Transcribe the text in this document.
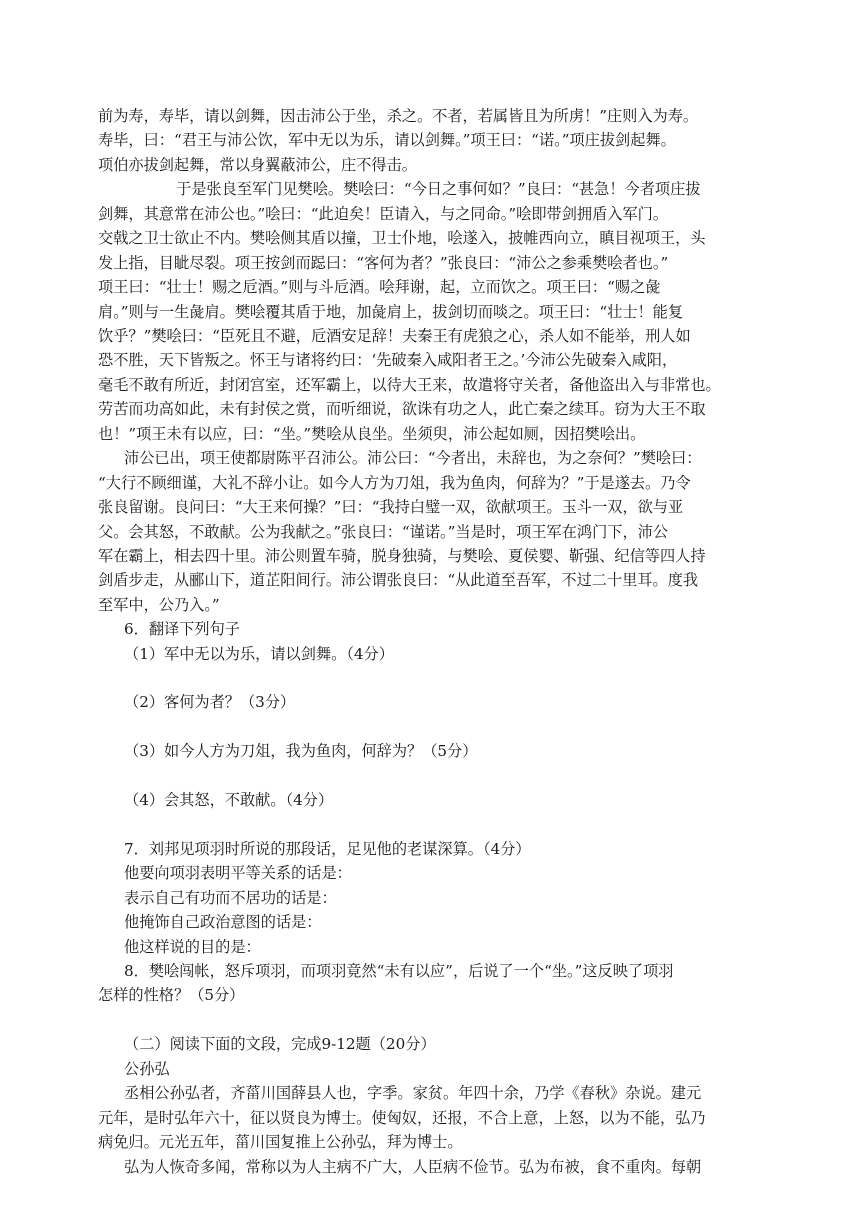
前为寿，寿毕，请以剑舞，因击沛公于坐，杀之。不者，若属皆且为所虏！”庄则入为寿。
寿毕，曰：“君王与沛公饮，军中无以为乐，请以剑舞。”项王曰：“诺。”项庄拔剑起舞。
项伯亦拔剑起舞，常以身翼蔽沛公，庄不得击。
于是张良至军门见樊哙。樊哙曰：“今日之事何如？”良曰：“甚急！今者项庄拔
剑舞，其意常在沛公也。”哙曰：“此迫矣！臣请入，与之同命。”哙即带剑拥盾入军门。
交戟之卫士欲止不内。樊哙侧其盾以撞，卫士仆地，哙遂入，披帷西向立，瞋目视项王，头
发上指，目眦尽裂。项王按剑而跽曰：“客何为者？”张良曰：“沛公之参乘樊哙者也。”
项王曰：“壮士！赐之卮酒。”则与斗卮酒。哙拜谢，起，立而饮之。项王曰：“赐之彘
肩。”则与一生彘肩。樊哙覆其盾于地，加彘肩上，拔剑切而啖之。项王曰：“壮士！能复
饮乎？”樊哙曰：“臣死且不避，卮酒安足辞！夫秦王有虎狼之心，杀人如不能举，刑人如
恐不胜，天下皆叛之。怀王与诸将约曰：‘先破秦入咸阳者王之。’今沛公先破秦入咸阳，
毫毛不敢有所近，封闭宫室，还军霸上，以待大王来，故遣将守关者，备他盗出入与非常也。
劳苦而功高如此，未有封侯之赏，而听细说，欲诛有功之人，此亡秦之续耳。窃为大王不取
也！”项王未有以应，曰：“坐。”樊哙从良坐。坐须臾，沛公起如厕，因招樊哙出。
沛公已出，项王使都尉陈平召沛公。沛公曰：“今者出，未辞也，为之奈何？”樊哙曰：
“大行不顾细谨，大礼不辞小让。如今人方为刀俎，我为鱼肉，何辞为？”于是遂去。乃令
张良留谢。良问曰：“大王来何操？”曰：“我持白璧一双，欲献项王。玉斗一双，欲与亚
父。会其怒，不敢献。公为我献之。”张良曰：“谨诺。”当是时，项王军在鸿门下，沛公
军在霸上，相去四十里。沛公则置车骑，脱身独骑，与樊哙、夏侯婴、靳强、纪信等四人持
剑盾步走，从郦山下，道芷阳间行。沛公谓张良曰：“从此道至吾军，不过二十里耳。度我
至军中，公乃入。”
6．翻译下列句子
（1）军中无以为乐，请以剑舞。（4分）
（2）客何为者？（3分）
（3）如今人方为刀俎，我为鱼肉，何辞为？（5分）
（4）会其怒，不敢献。（4分）
7．刘邦见项羽时所说的那段话，足见他的老谋深算。（4分）
他要向项羽表明平等关系的话是：
表示自己有功而不居功的话是：
他掩饰自己政治意图的话是：
他这样说的目的是：
8．樊哙闯帐，怒斥项羽，而项羽竟然“未有以应”，后说了一个“坐。”这反映了项羽
怎样的性格？（5分）
（二）阅读下面的文段，完成9-12题（20分）
公孙弘
丞相公孙弘者，齐菑川国薛县人也，字季。家贫。年四十余，乃学《春秋》杂说。建元
元年，是时弘年六十，征以贤良为博士。使匈奴，还报，不合上意，上怒，以为不能，弘乃
病免归。元光五年，菑川国复推上公孙弘，拜为博士。
弘为人恢奇多闻，常称以为人主病不广大，人臣病不俭节。弘为布被，食不重肉。每朝
